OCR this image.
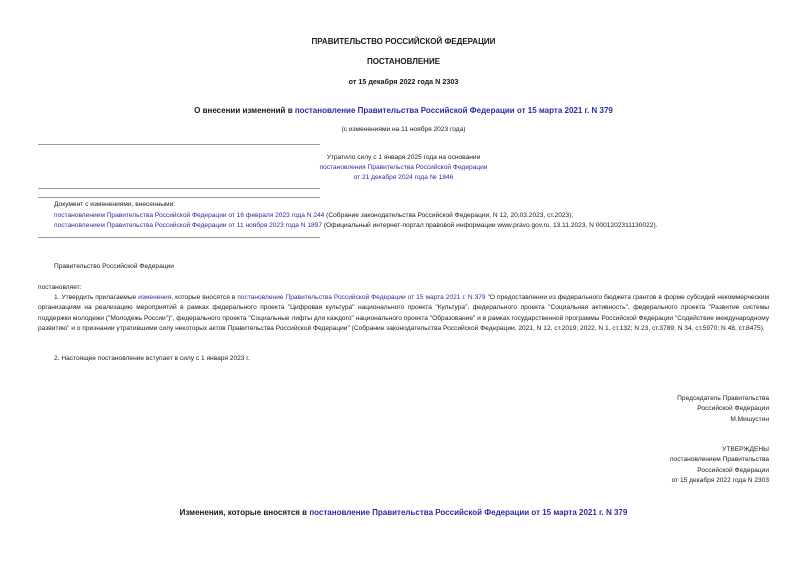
ПРАВИТЕЛЬСТВО РОССИЙСКОЙ ФЕДЕРАЦИИ
ПОСТАНОВЛЕНИЕ
от 15 декабря 2022 года N 2303
О внесении изменений в постановление Правительства Российской Федерации от 15 марта 2021 г. N 379
(с изменениями на 11 ноября 2023 года)
Утратило силу с 1 января 2025 года на основании
постановления Правительства Российской Федерации
от 21 декабря 2024 года № 1846
Документ с изменениями, внесенными:
постановлением Правительства Российской Федерации от 16 февраля 2023 года N 244 (Собрание законодательства Российской Федерации, N 12, 20.03.2023, ст.2023);
постановлением Правительства Российской Федерации от 11 ноября 2023 года N 1897 (Официальный интернет-портал правовой информации www.pravo.gov.ru, 13.11.2023, N 0001202311130022).
Правительство Российской Федерации
постановляет:
1. Утвердить прилагаемые изменения, которые вносятся в постановление Правительства Российской Федерации от 15 марта 2021 г. N 379 "О предоставлении из федерального бюджета грантов в форме субсидий некоммерческим организациям на реализацию мероприятий в рамках федерального проекта "Цифровая культура" национального проекта "Культура", федерального проекта "Социальная активность", федерального проекта "Развитие системы поддержки молодежи ("Молодежь России")", федерального проекта "Социальные лифты для каждого" национального проекта "Образование" и в рамках государственной программы Российской Федерации "Содействие международному развитию" и о признании утратившими силу некоторых актов Правительства Российской Федерации" (Собрание законодательства Российской Федерации, 2021, N 12, ст.2019; 2022, N 1, ст.132; N 23, ст.3789; N 34, ст.5970; N 48, ст.8475).
2. Настоящее постановление вступает в силу с 1 января 2023 г.
Председатель Правительства
Российской Федерации
М.Мишустин
УТВЕРЖДЕНЫ
постановлением Правительства
Российской Федерации
от 15 декабря 2022 года N 2303
Изменения, которые вносятся в постановление Правительства Российской Федерации от 15 марта 2021 г. N 379
